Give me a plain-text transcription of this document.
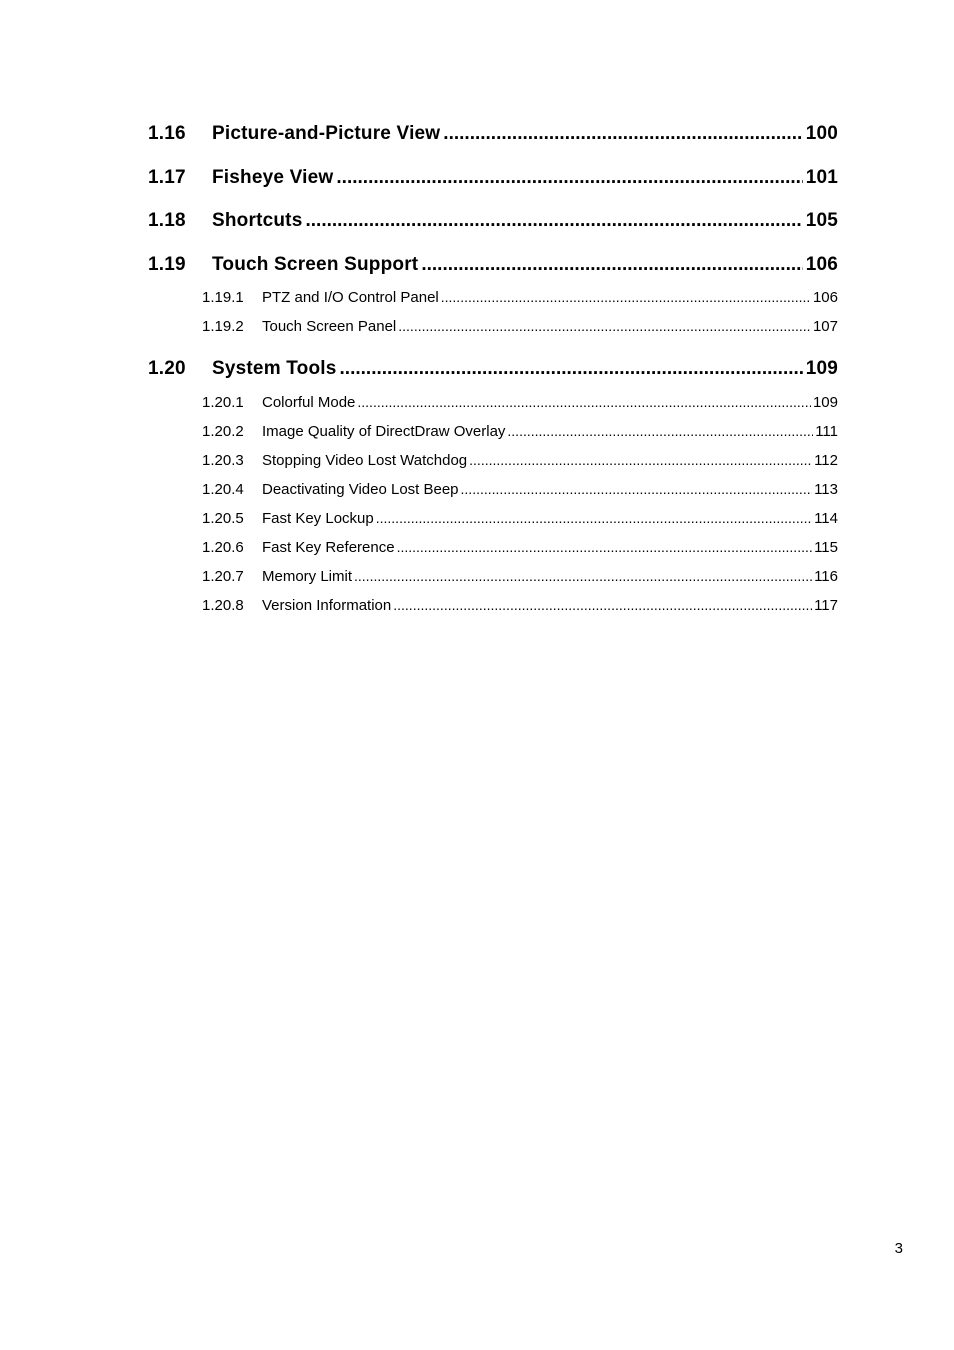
1.16	Picture-and-Picture View .....	100
1.17	Fisheye View .....	101
1.18	Shortcuts .....	105
1.19	Touch Screen Support .....	106
1.19.1	PTZ and I/O Control Panel .....	106
1.19.2	Touch Screen Panel .....	107
1.20	System Tools .....	109
1.20.1	Colorful Mode .....	109
1.20.2	Image Quality of DirectDraw Overlay .....	111
1.20.3	Stopping Video Lost Watchdog .....	112
1.20.4	Deactivating Video Lost Beep .....	113
1.20.5	Fast Key Lockup .....	114
1.20.6	Fast Key Reference .....	115
1.20.7	Memory Limit .....	116
1.20.8	Version Information .....	117
3
